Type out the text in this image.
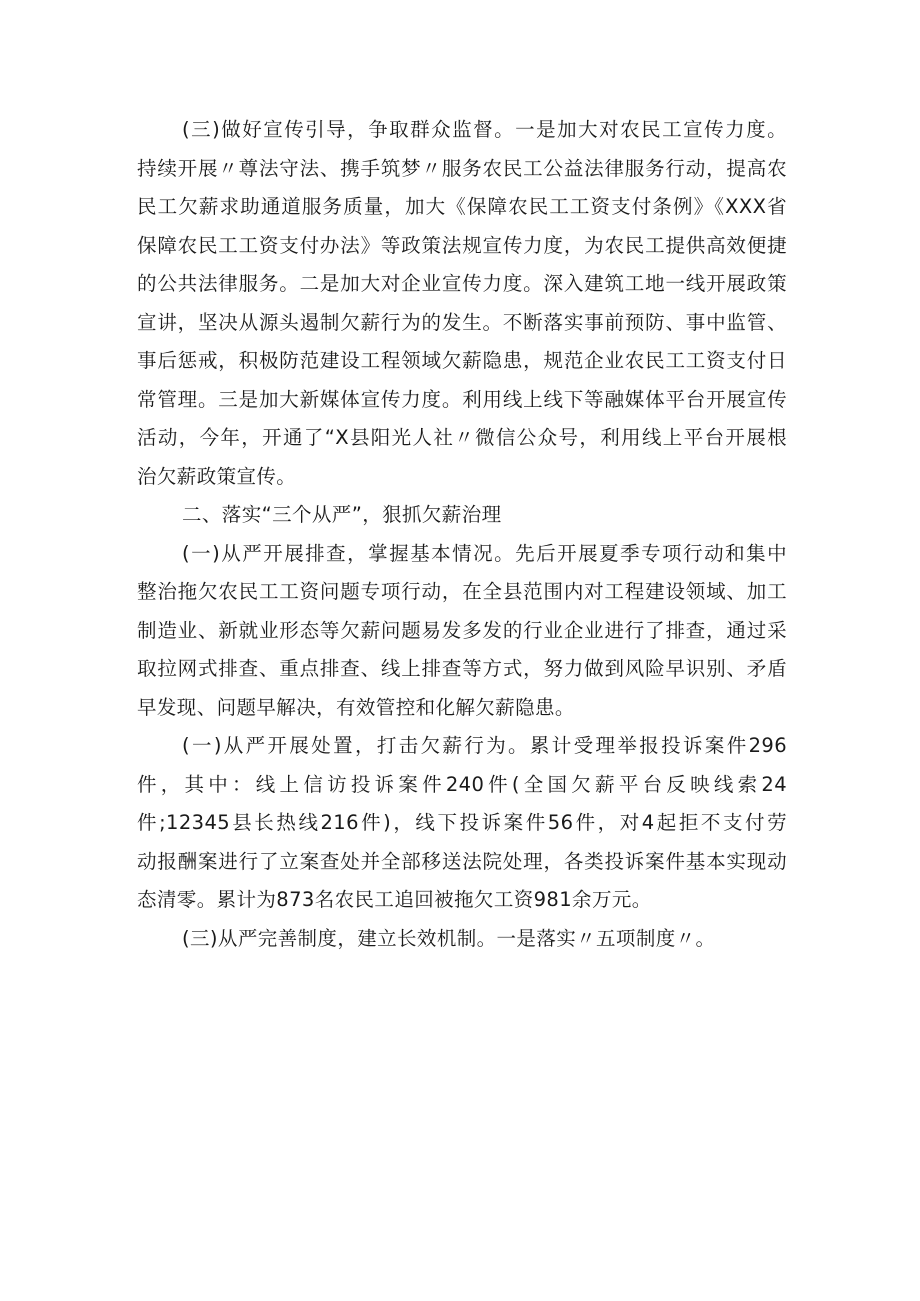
(三)做好宣传引导，争取群众监督。一是加大对农民工宣传力度。
持续开展〃尊法守法、携手筑梦〃服务农民工公益法律服务行动，提高农
民工欠薪求助通道服务质量，加大《保障农民工工资支付条例》《XXX省
保障农民工工资支付办法》等政策法规宣传力度，为农民工提供高效便捷
的公共法律服务。二是加大对企业宣传力度。深入建筑工地一线开展政策
宣讲，坚决从源头遏制欠薪行为的发生。不断落实事前预防、事中监管、
事后惩戒，积极防范建设工程领域欠薪隐患，规范企业农民工工资支付日
常管理。三是加大新媒体宣传力度。利用线上线下等融媒体平台开展宣传
活动，今年，开通了“X县阳光人社〃微信公众号，利用线上平台开展根
治欠薪政策宣传。
二、落实“三个从严”，狠抓欠薪治理
(一)从严开展排查，掌握基本情况。先后开展夏季专项行动和集中
整治拖欠农民工工资问题专项行动，在全县范围内对工程建设领域、加工
制造业、新就业形态等欠薪问题易发多发的行业企业进行了排查，通过采
取拉网式排查、重点排查、线上排查等方式，努力做到风险早识别、矛盾
早发现、问题早解决，有效管控和化解欠薪隐患。
(一)从严开展处置，打击欠薪行为。累计受理举报投诉案件296
件，其中：线上信访投诉案件240件(全国欠薪平台反映线索24
件;12345县长热线216件)，线下投诉案件56件，对4起拒不支付劳
动报酬案进行了立案查处并全部移送法院处理，各类投诉案件基本实现动
态清零。累计为873名农民工追回被拖欠工资981余万元。
(三)从严完善制度，建立长效机制。一是落实〃五项制度〃。
